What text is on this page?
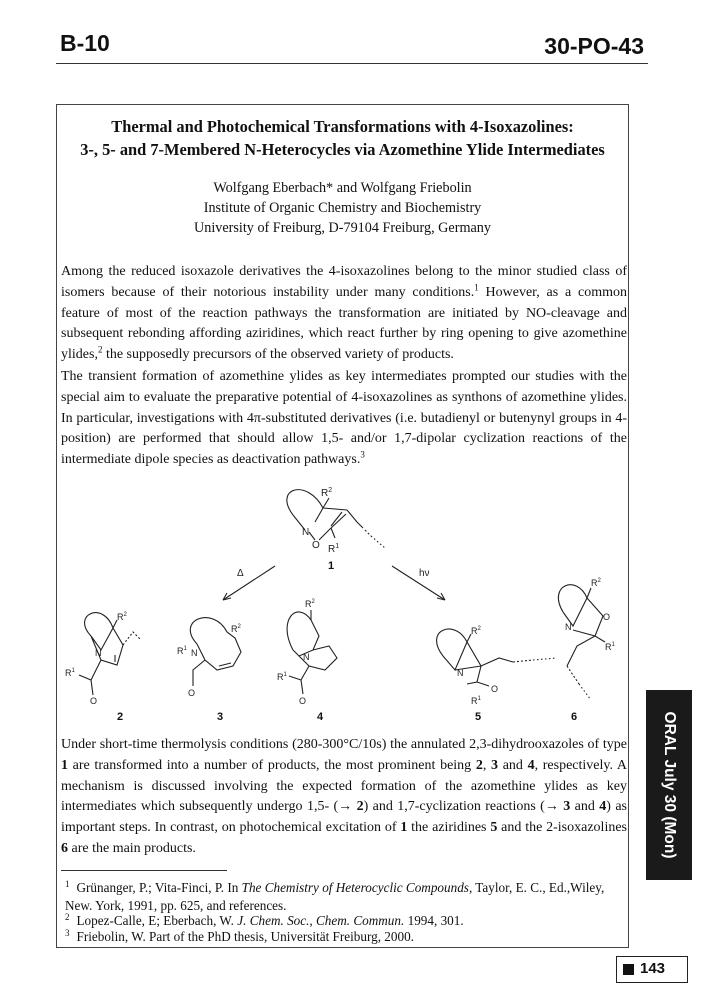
B-10	30-PO-43
Thermal and Photochemical Transformations with 4-Isoxazolines:
3-, 5- and 7-Membered N-Heterocycles via Azomethine Ylide Intermediates
Wolfgang Eberbach* and Wolfgang Friebolin
Institute of Organic Chemistry and Biochemistry
University of Freiburg, D-79104 Freiburg, Germany
Among the reduced isoxazole derivatives the 4-isoxazolines belong to the minor studied class of isomers because of their notorious instability under many conditions.$^1$ However, as a common feature of most of the reaction pathways the transformation are initiated by NO-cleavage and subsequent rebonding affording aziridines, which react further by ring opening to give azomethine ylides,$^2$ the supposedly precursors of the observed variety of products.
The transient formation of azomethine ylides as key intermediates prompted our studies with the special aim to evaluate the preparative potential of 4-isoxazolines as synthons of azomethine ylides. In particular, investigations with 4π-substituted derivatives (i.e. butadienyl or butenynyl groups in 4-position) are performed that should allow 1,5- and/or 1,7-dipolar cyclization reactions of the intermediate dipole species as deactivation pathways.$^3$
N
O
$R^2$
$R^1$
1
Δ	hν
N
$R^2$
$R^1$
O
2
N
$R^2$
$R^1$
O
3
N
$R^2$
$R^1$
O
4
N
$R^2$
$R^1$
O
5
N
O
$R^2$
$R^1$
6
Under short-time thermolysis conditions (280-300°C/10s) the annulated 2,3-dihydrooxazoles of type 1 are transformed into a number of products, the most prominent being 2, 3 and 4, respectively. A mechanism is discussed involving the expected formation of the azomethine ylides as key intermediates which subsequently undergo 1,5- (→ 2) and 1,7-cyclization reactions (→ 3 and 4) as important steps. In contrast, on photochemical excitation of 1 the aziridines 5 and the 2-isoxazolines 6 are the main products.
$^1$ Grünanger, P.; Vita-Finci, P. In The Chemistry of Heterocyclic Compounds, Taylor, E. C., Ed.,Wiley, New. York, 1991, pp. 625, and references.
$^2$ Lopez-Calle, E; Eberbach, W. J. Chem. Soc., Chem. Commun. 1994, 301.
$^3$ Friebolin, W. Part of the PhD thesis, Universität Freiburg, 2000.
ORAL July 30 (Mon)
143
